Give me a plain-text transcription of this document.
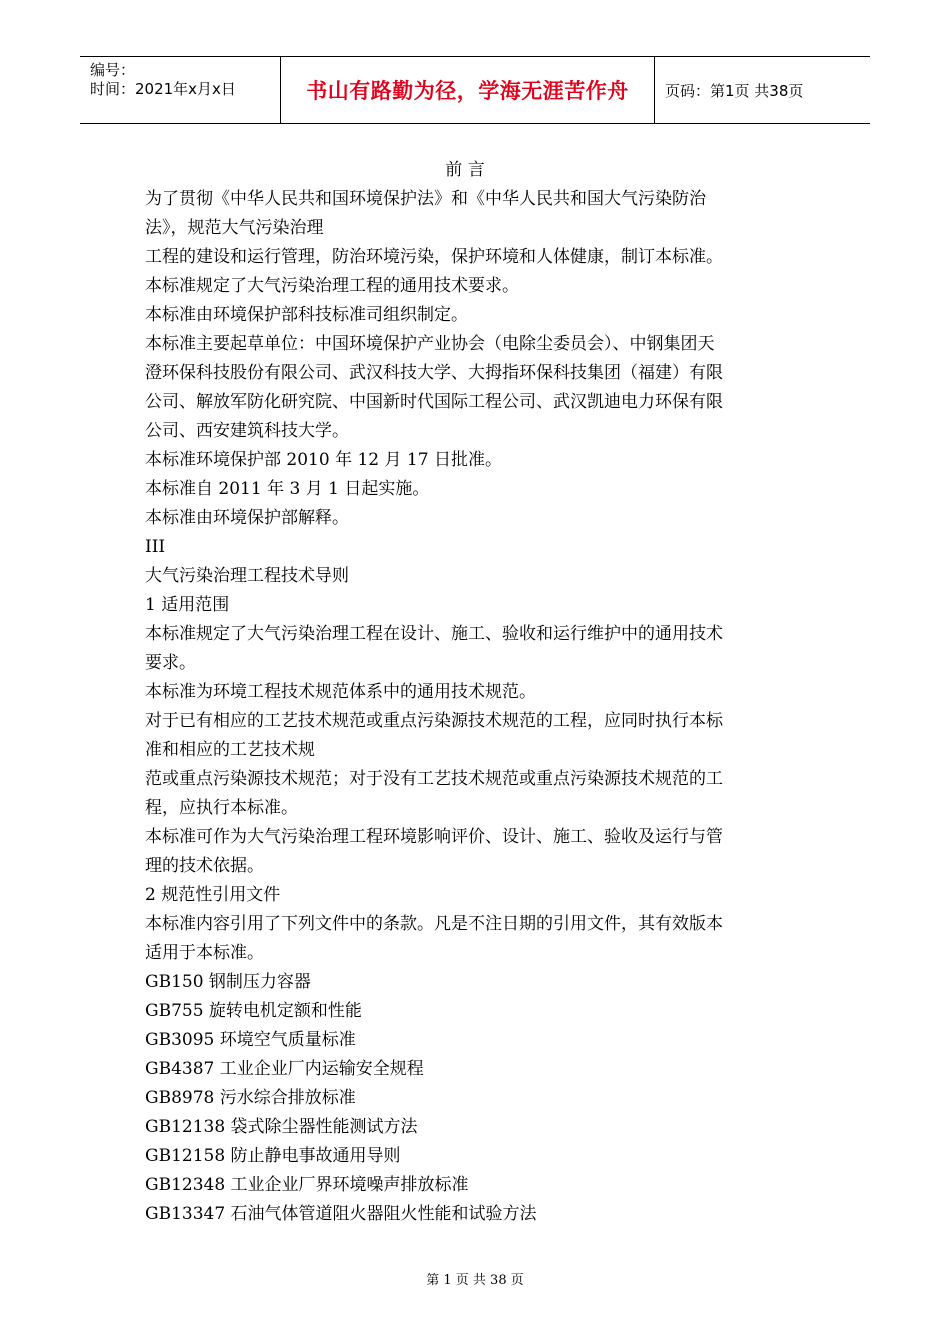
编号：
时间：2021年x月x日	书山有路勤为径，学海无涯苦作舟	页码：第1页 共38页

前 言

为了贯彻《中华人民共和国环境保护法》和《中华人民共和国大气污染防治

法》，规范大气污染治理

工程的建设和运行管理，防治环境污染，保护环境和人体健康，制订本标准。

本标准规定了大气污染治理工程的通用技术要求。

本标准由环境保护部科技标准司组织制定。

本标准主要起草单位：中国环境保护产业协会（电除尘委员会）、中钢集团天

澄环保科技股份有限公司、武汉科技大学、大拇指环保科技集团（福建）有限

公司、解放军防化研究院、中国新时代国际工程公司、武汉凯迪电力环保有限

公司、西安建筑科技大学。

本标准环境保护部 2010 年 12 月 17 日批准。

本标准自 2011 年 3 月 1 日起实施。

本标准由环境保护部解释。

III

大气污染治理工程技术导则

1 适用范围

本标准规定了大气污染治理工程在设计、施工、验收和运行维护中的通用技术

要求。

本标准为环境工程技术规范体系中的通用技术规范。

对于已有相应的工艺技术规范或重点污染源技术规范的工程，应同时执行本标

准和相应的工艺技术规

范或重点污染源技术规范；对于没有工艺技术规范或重点污染源技术规范的工

程，应执行本标准。

本标准可作为大气污染治理工程环境影响评价、设计、施工、验收及运行与管

理的技术依据。

2 规范性引用文件

本标准内容引用了下列文件中的条款。凡是不注日期的引用文件，其有效版本

适用于本标准。

GB150 钢制压力容器

GB755 旋转电机定额和性能

GB3095 环境空气质量标准

GB4387 工业企业厂内运输安全规程

GB8978 污水综合排放标准

GB12138 袋式除尘器性能测试方法

GB12158 防止静电事故通用导则

GB12348 工业企业厂界环境噪声排放标准

GB13347 石油气体管道阻火器阻火性能和试验方法

第 1 页 共 38 页
